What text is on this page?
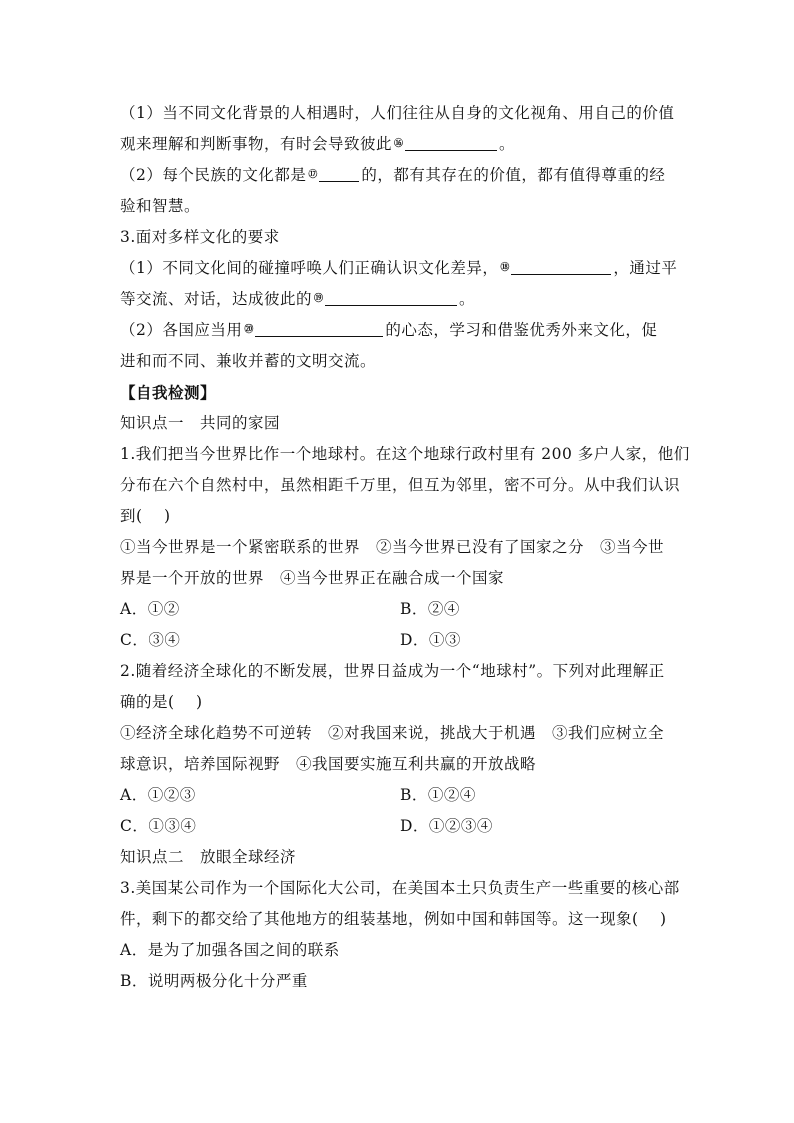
（1）当不同文化背景的人相遇时，人们往往从自身的文化视角、用自己的价值
观来理解和判断事物，有时会导致彼此 ⑯	。
（2）每个民族的文化都是 ⑰	的，都有其存在的价值，都有值得尊重的经
验和智慧。
3.面对多样文化的要求
（1）不同文化间的碰撞呼唤人们正确认识文化差异， ⑱	，通过平
等交流、对话，达成彼此的 ⑲	。
（2）各国应当用 ⑳	的心态，学习和借鉴优秀外来文化，促
进和而不同、兼收并蓄的文明交流。
【自我检测】
知识点一　共同的家园
1.我们把当今世界比作一个地球村。在这个地球行政村里有 200 多户人家，他们
分布在六个自然村中，虽然相距千万里，但互为邻里，密不可分。从中我们认识
到(　 )
①当今世界是一个紧密联系的世界　②当今世界已没有了国家之分　③当今世
界是一个开放的世界　④当今世界正在融合成一个国家
A．①②	B．②④
C．③④	D．①③
2.随着经济全球化的不断发展，世界日益成为一个“地球村”。下列对此理解正
确的是(　 )
①经济全球化趋势不可逆转　②对我国来说，挑战大于机遇　③我们应树立全
球意识，培养国际视野　④我国要实施互利共赢的开放战略
A．①②③	B．①②④
C．①③④	D．①②③④
知识点二　放眼全球经济
3.美国某公司作为一个国际化大公司，在美国本土只负责生产一些重要的核心部
件，剩下的都交给了其他地方的组装基地，例如中国和韩国等。这一现象(　 )
A．是为了加强各国之间的联系
B．说明两极分化十分严重
